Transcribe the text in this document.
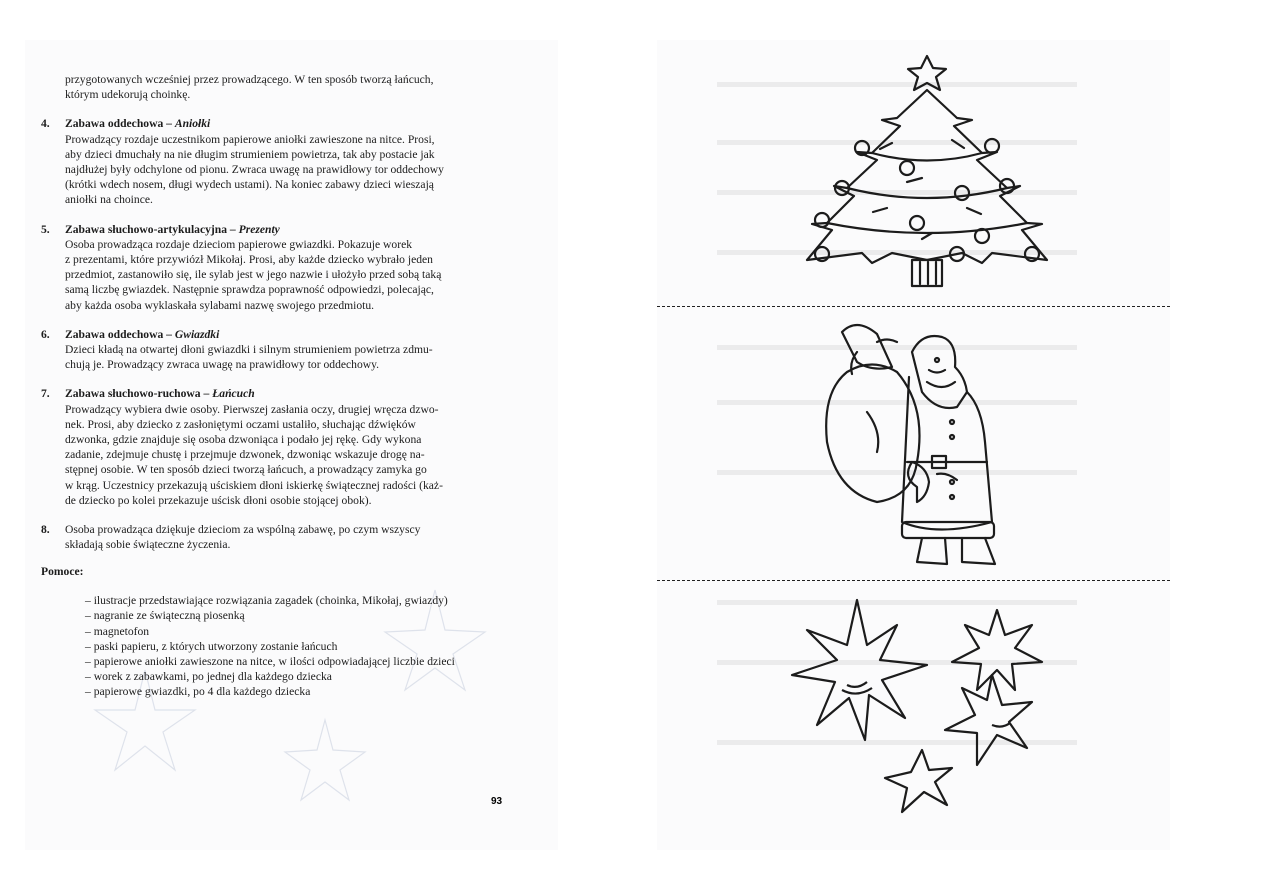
przygotowanych wcześniej przez prowadzącego. W ten sposób tworzą łańcuch,
którym udekorują choinkę.
4. Zabawa oddechowa – Aniołki
Prowadzący rozdaje uczestnikom papierowe aniołki zawieszone na nitce. Prosi,
aby dzieci dmuchały na nie długim strumieniem powietrza, tak aby postacie jak
najdłużej były odchylone od pionu. Zwraca uwagę na prawidłowy tor oddechowy
(krótki wdech nosem, długi wydech ustami). Na koniec zabawy dzieci wieszają
aniołki na choince.
5. Zabawa słuchowo-artykulacyjna – Prezenty
Osoba prowadząca rozdaje dzieciom papierowe gwiazdki. Pokazuje worek
z prezentami, które przywiózł Mikołaj. Prosi, aby każde dziecko wybrało jeden
przedmiot, zastanowiło się, ile sylab jest w jego nazwie i ułożyło przed sobą taką
samą liczbę gwiazdek. Następnie sprawdza poprawność odpowiedzi, polecając,
aby każda osoba wyklaskała sylabami nazwę swojego przedmiotu.
6. Zabawa oddechowa – Gwiazdki
Dzieci kładą na otwartej dłoni gwiazdki i silnym strumieniem powietrza zdmu-
chują je. Prowadzący zwraca uwagę na prawidłowy tor oddechowy.
7. Zabawa słuchowo-ruchowa – Łańcuch
Prowadzący wybiera dwie osoby. Pierwszej zasłania oczy, drugiej wręcza dzwo-
nek. Prosi, aby dziecko z zasłoniętymi oczami ustaliło, słuchając dźwięków
dzwonka, gdzie znajduje się osoba dzwoniąca i podało jej rękę. Gdy wykona
zadanie, zdejmuje chustę i przejmuje dzwonek, dzwoniąc wskazuje drogę na-
stępnej osobie. W ten sposób dzieci tworzą łańcuch, a prowadzący zamyka go
w krąg. Uczestnicy przekazują uściskiem dłoni iskierkę świątecznej radości (każ-
de dziecko po kolei przekazuje uścisk dłoni osobie stojącej obok).
8. Osoba prowadząca dziękuje dzieciom za wspólną zabawę, po czym wszyscy
składają sobie świąteczne życzenia.
Pomoce:
– ilustracje przedstawiające rozwiązania zagadek (choinka, Mikołaj, gwiazdy)
– nagranie ze świąteczną piosenką
– magnetofon
– paski papieru, z których utworzony zostanie łańcuch
– papierowe aniołki zawieszone na nitce, w ilości odpowiadającej liczbie dzieci
– worek z zabawkami, po jednej dla każdego dziecka
– papierowe gwiazdki, po 4 dla każdego dziecka
93
